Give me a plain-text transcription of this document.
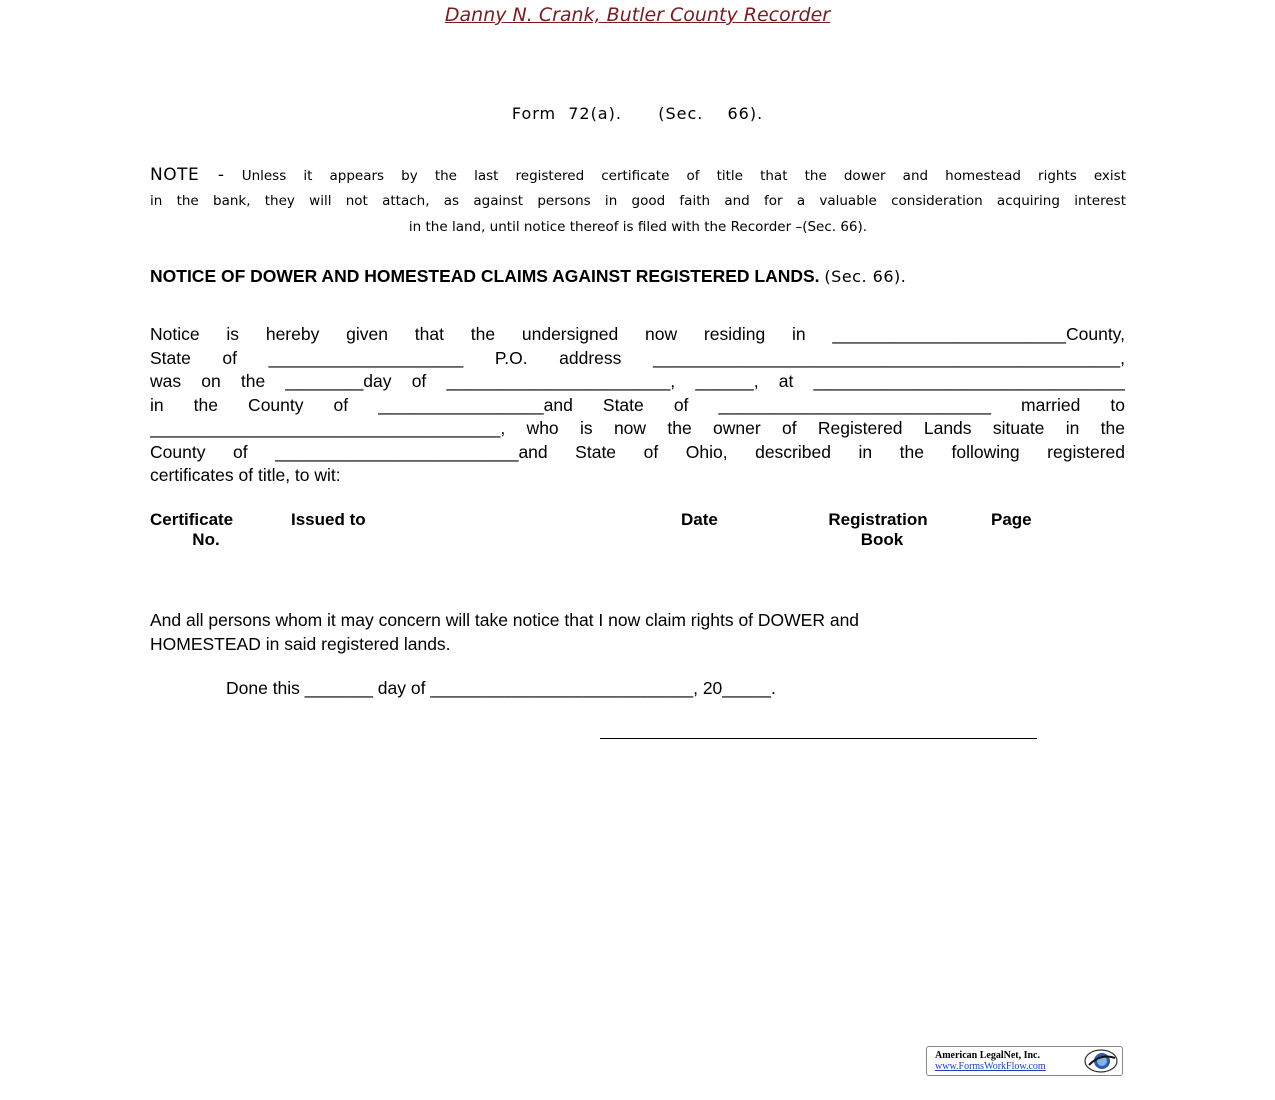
Danny N. Crank, Butler County Recorder
Form 72(a).   (Sec.  66).
NOTE - Unless it appears by the last registered certificate of title that the dower and homestead rights exist
in the bank, they will not attach, as against persons in good faith and for a valuable consideration acquiring interest
in the land, until notice thereof is filed with the Recorder –(Sec. 66).
NOTICE OF DOWER AND HOMESTEAD CLAIMS AGAINST REGISTERED LANDS. (Sec. 66).
Notice is hereby given that the undersigned now residing in ________________________County,
State of ____________________ P.O. address ________________________________________________,
was on the ________day of _______________________, ______, at ________________________________
in the County of _________________and State of ____________________________ married to
____________________________________, who is now the owner of Registered Lands situate in the
County of _________________________and State of Ohio, described in the following registered
certificates of title, to wit:
Certificate
No.
Issued to	Date	Registration
Book
Page
And all persons whom it may concern will take notice that I now claim rights of DOWER and
HOMESTEAD in said registered lands.
Done this _______ day of ___________________________, 20_____.
American LegalNet, Inc.
www.FormsWorkFlow.com
